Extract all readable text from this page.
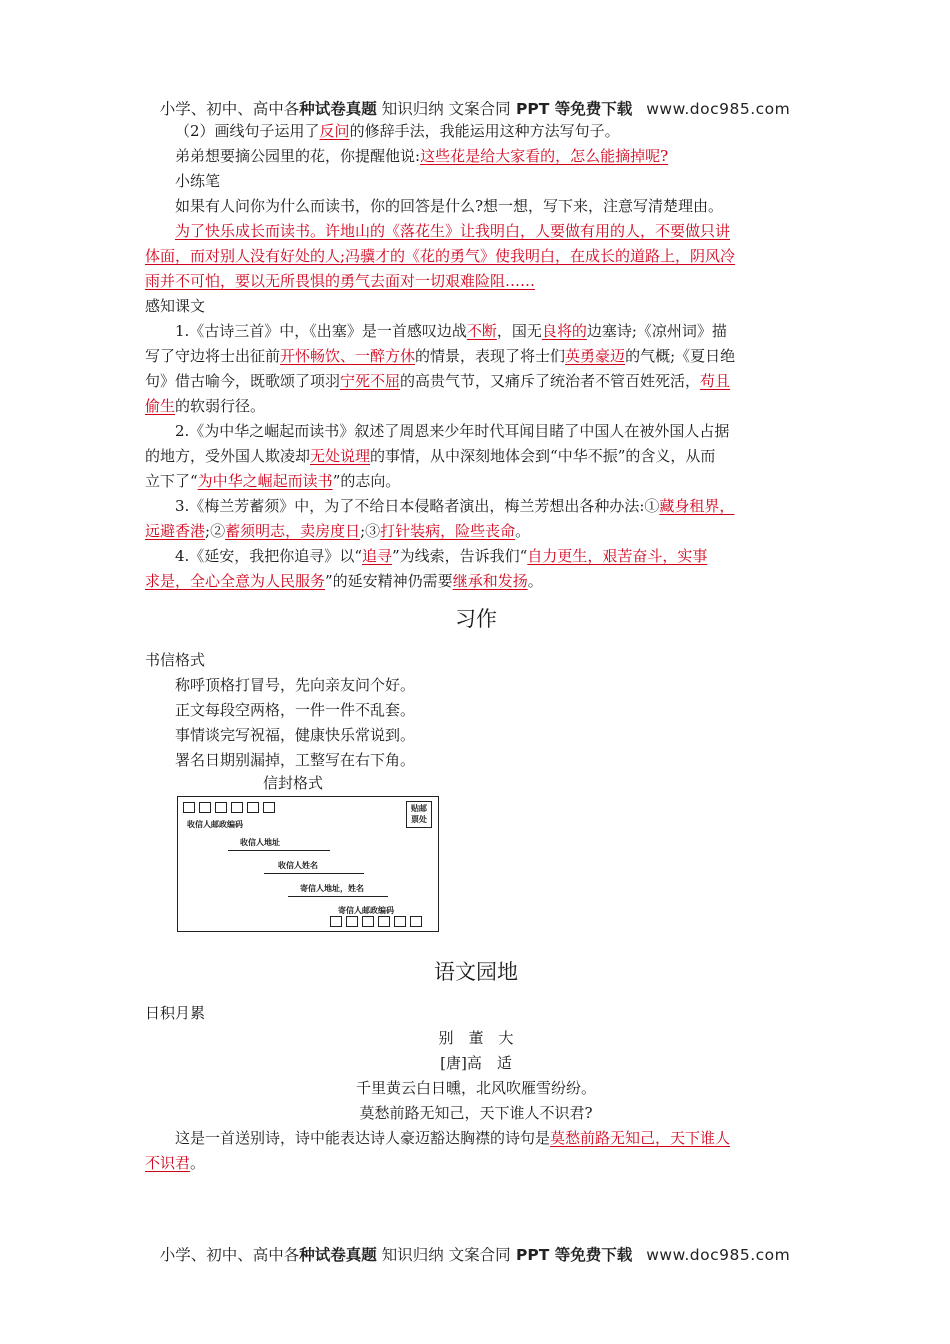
小学、初中、高中各种试卷真题 知识归纳 文案合同 PPT 等免费下载 www.doc985.com

（2）画线句子运用了反问的修辞手法，我能运用这种方法写句子。

弟弟想要摘公园里的花，你提醒他说:这些花是给大家看的，怎么能摘掉呢?

小练笔

如果有人问你为什么而读书，你的回答是什么?想一想，写下来，注意写清楚理由。

为了快乐成长而读书。许地山的《落花生》让我明白，人要做有用的人，不要做只讲
体面，而对别人没有好处的人;冯骥才的《花的勇气》使我明白，在成长的道路上，阴风冷
雨并不可怕，要以无所畏惧的勇气去面对一切艰难险阻……

感知课文

1.《古诗三首》中，《出塞》是一首感叹边战不断，国无良将的边塞诗;《凉州词》描
写了守边将士出征前开怀畅饮、一醉方休的情景，表现了将士们英勇豪迈的气概;《夏日绝
句》借古喻今，既歌颂了项羽宁死不屈的高贵气节，又痛斥了统治者不管百姓死活，苟且
偷生的软弱行径。
2.《为中华之崛起而读书》叙述了周恩来少年时代耳闻目睹了中国人在被外国人占据
的地方，受外国人欺凌却无处说理的事情，从中深刻地体会到“中华不振”的含义，从而
立下了“为中华之崛起而读书”的志向。
3.《梅兰芳蓄须》中，为了不给日本侵略者演出，梅兰芳想出各种办法:①藏身租界，
远避香港;②蓄须明志，卖房度日;③打针装病，险些丧命。
4.《延安，我把你追寻》以“追寻”为线索，告诉我们“自力更生，艰苦奋斗，实事
求是，全心全意为人民服务”的延安精神仍需要继承和发扬。
习作

书信格式

称呼顶格打冒号，先向亲友问个好。

正文每段空两格，一件一件不乱套。

事情谈完写祝福，健康快乐常说到。

署名日期别漏掉，工整写在右下角。

信封格式
收信人邮政编码
贴邮
票处
收信人地址
收信人姓名
寄信人地址，姓名
寄信人邮政编码
语文园地

日积月累

别　董　大
[唐]高　适
千里黄云白日曛，北风吹雁雪纷纷。
莫愁前路无知己，天下谁人不识君?
这是一首送别诗，诗中能表达诗人豪迈豁达胸襟的诗句是莫愁前路无知己，天下谁人
不识君。
小学、初中、高中各种试卷真题 知识归纳 文案合同 PPT 等免费下载 www.doc985.com
